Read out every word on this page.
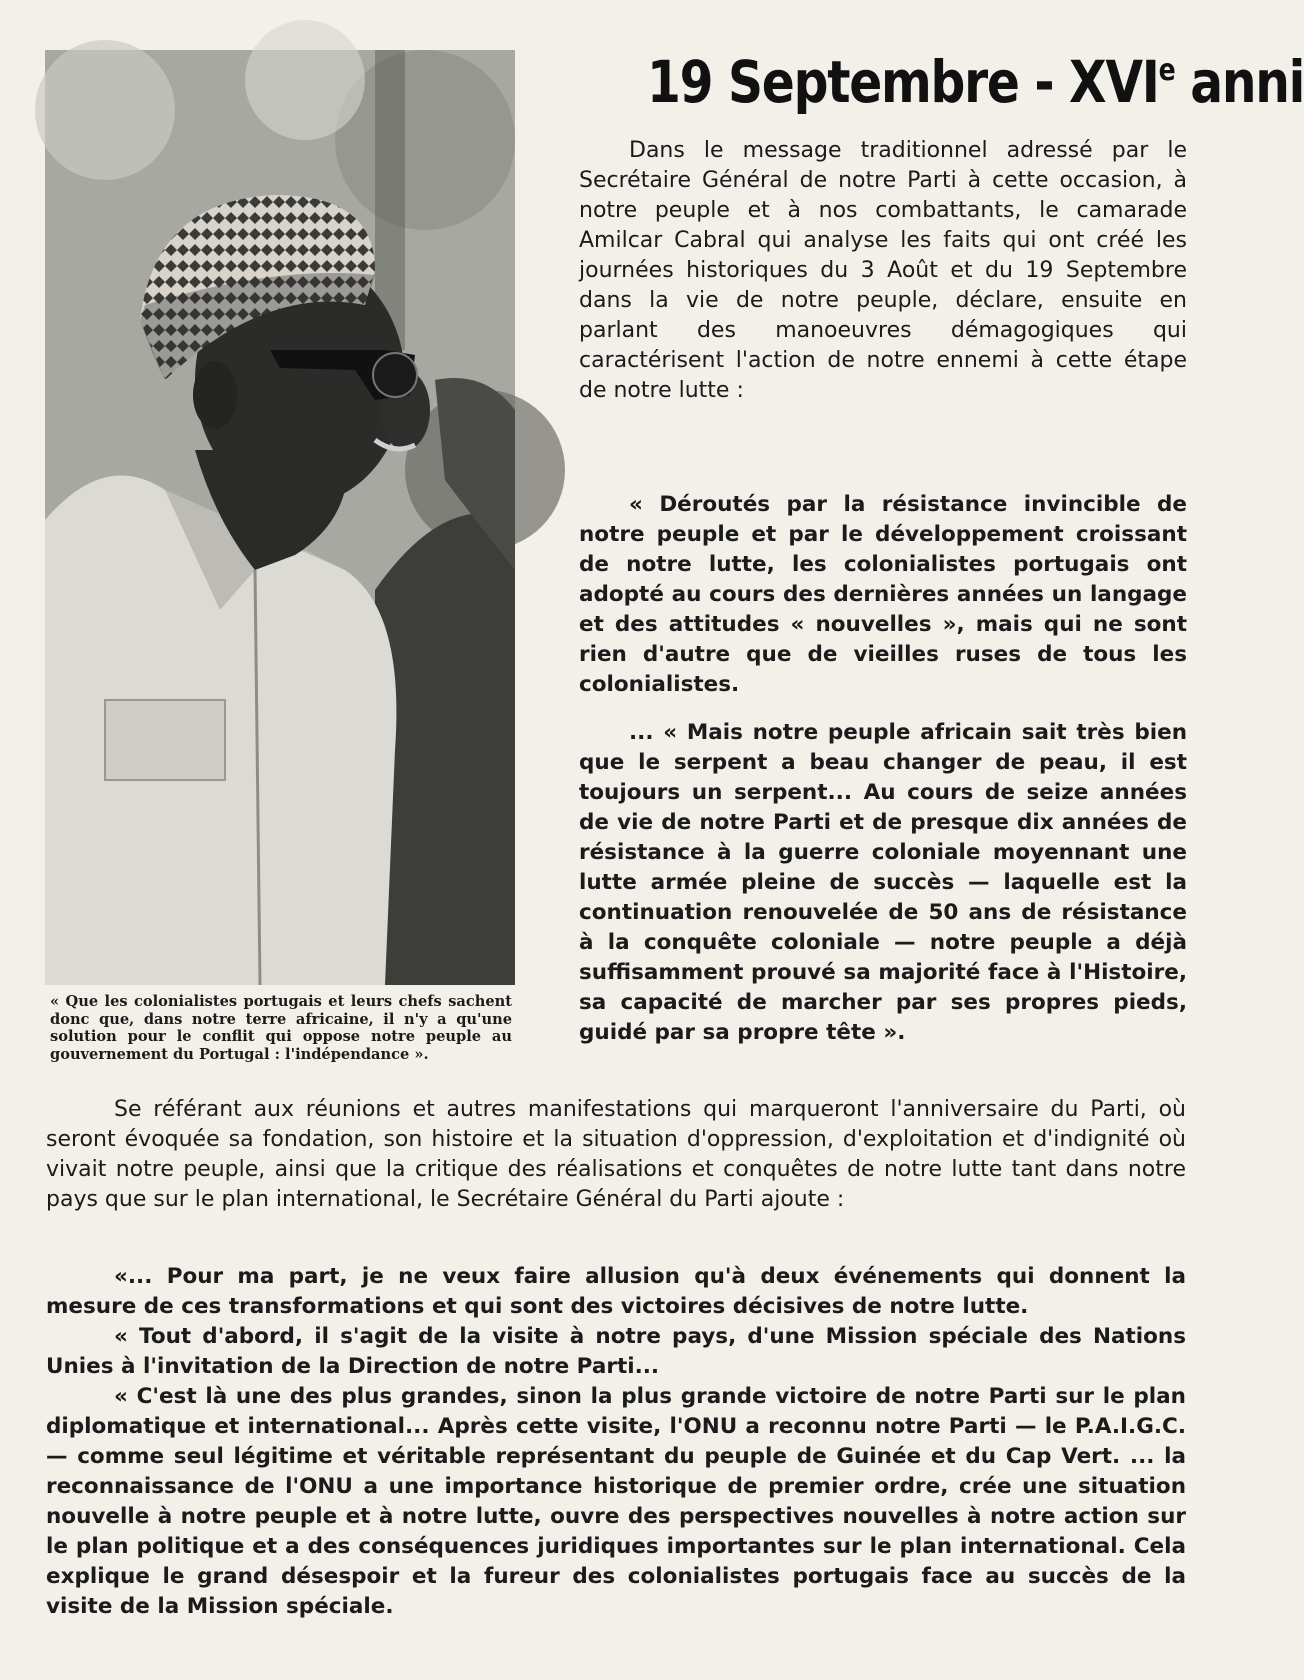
19 Septembre - XVIe anni
« Que les colonialistes portugais et leurs chefs sachent donc que, dans notre terre africaine, il n'y a qu'une solution pour le conflit qui oppose notre peuple au gouvernement du Portugal : l'indépendance ».
Dans le message traditionnel adressé par le Secrétaire Général de notre Parti à cette occasion, à notre peuple et à nos combattants, le camarade Amilcar Cabral qui analyse les faits qui ont créé les journées historiques du 3 Août et du 19 Septembre dans la vie de notre peuple, déclare, ensuite en parlant des manoeuvres démagogiques qui caractérisent l'action de notre ennemi à cette étape de notre lutte :
« Déroutés par la résistance invincible de notre peuple et par le développement croissant de notre lutte, les colonialistes portugais ont adopté au cours des dernières années un langage et des attitudes « nouvelles », mais qui ne sont rien d'autre que de vieilles ruses de tous les colonialistes.
... « Mais notre peuple africain sait très bien que le serpent a beau changer de peau, il est toujours un serpent... Au cours de seize années de vie de notre Parti et de presque dix années de résistance à la guerre coloniale moyennant une lutte armée pleine de succès — laquelle est la continuation renouvelée de 50 ans de résistance à la conquête coloniale — notre peuple a déjà suffisamment prouvé sa majorité face à l'Histoire, sa capacité de marcher par ses propres pieds, guidé par sa propre tête ».
Se référant aux réunions et autres manifestations qui marqueront l'anniversaire du Parti, où seront évoquée sa fondation, son histoire et la situation d'oppression, d'exploitation et d'indignité où vivait notre peuple, ainsi que la critique des réalisations et conquêtes de notre lutte tant dans notre pays que sur le plan international, le Secrétaire Général du Parti ajoute :
«... Pour ma part, je ne veux faire allusion qu'à deux événements qui donnent la mesure de ces transformations et qui sont des victoires décisives de notre lutte.
« Tout d'abord, il s'agit de la visite à notre pays, d'une Mission spéciale des Nations Unies à l'invitation de la Direction de notre Parti...
« C'est là une des plus grandes, sinon la plus grande victoire de notre Parti sur le plan diplomatique et international... Après cette visite, l'ONU a reconnu notre Parti — le P.A.I.G.C. — comme seul légitime et véritable représentant du peuple de Guinée et du Cap Vert. ... la reconnaissance de l'ONU a une importance historique de premier ordre, crée une situation nouvelle à notre peuple et à notre lutte, ouvre des perspectives nouvelles à notre action sur le plan politique et a des conséquences juridiques importantes sur le plan international. Cela explique le grand désespoir et la fureur des colonialistes portugais face au succès de la visite de la Mission spéciale.
